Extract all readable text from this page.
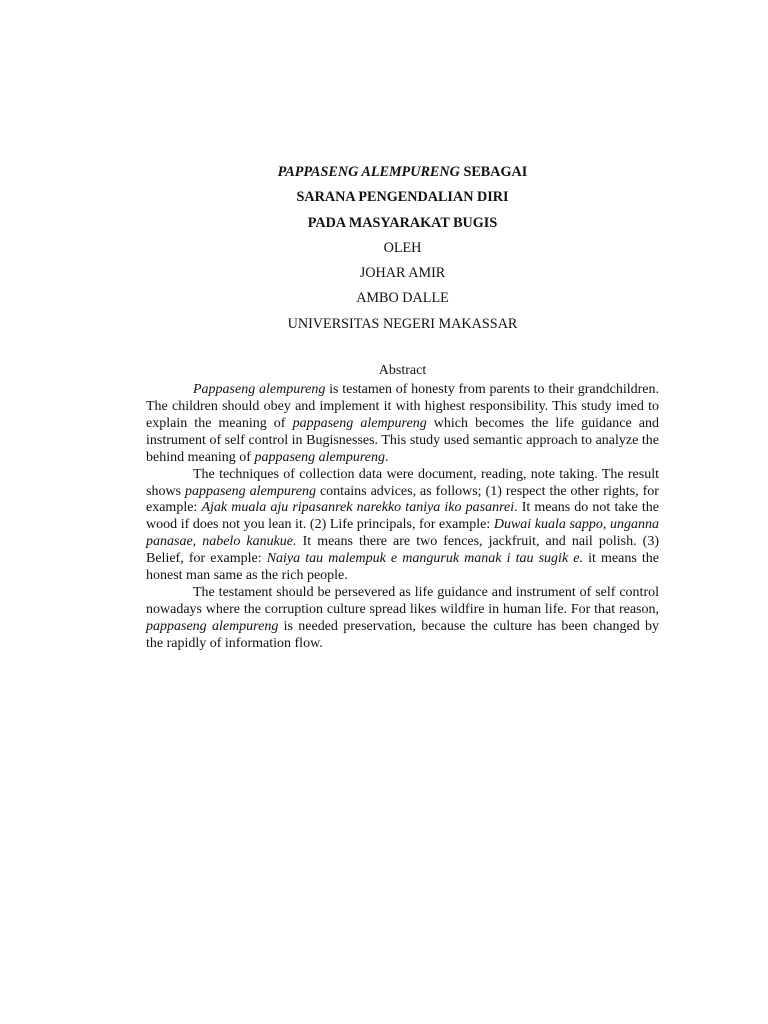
PAPPASENG ALEMPURENG SEBAGAI
SARANA PENGENDALIAN DIRI
PADA MASYARAKAT BUGIS
OLEH
JOHAR AMIR
AMBO DALLE
UNIVERSITAS NEGERI MAKASSAR
Abstract

Pappaseng alempureng is testamen of honesty from parents to their grandchildren. The children should obey and implement it with highest responsibility. This study imed to explain the meaning of pappaseng alempureng which becomes the life guidance and instrument of self control in Bugisnesses. This study used semantic approach to analyze the behind meaning of pappaseng alempureng.

The techniques of collection data were document, reading, note taking. The result shows pappaseng alempureng contains advices, as follows; (1) respect the other rights, for example: Ajak muala aju ripasanrek narekko taniya iko pasanrei. It means do not take the wood if does not you lean it. (2) Life principals, for example: Duwai kuala sappo, unganna panasae, nabelo kanukue. It means there are two fences, jackfruit, and nail polish. (3) Belief, for example: Naiya tau malempuk e manguruk manak i tau sugik e. it means the honest man same as the rich people.

The testament should be persevered as life guidance and instrument of self control nowadays where the corruption culture spread likes wildfire in human life. For that reason, pappaseng alempureng is needed preservation, because the culture has been changed by the rapidly of information flow.
